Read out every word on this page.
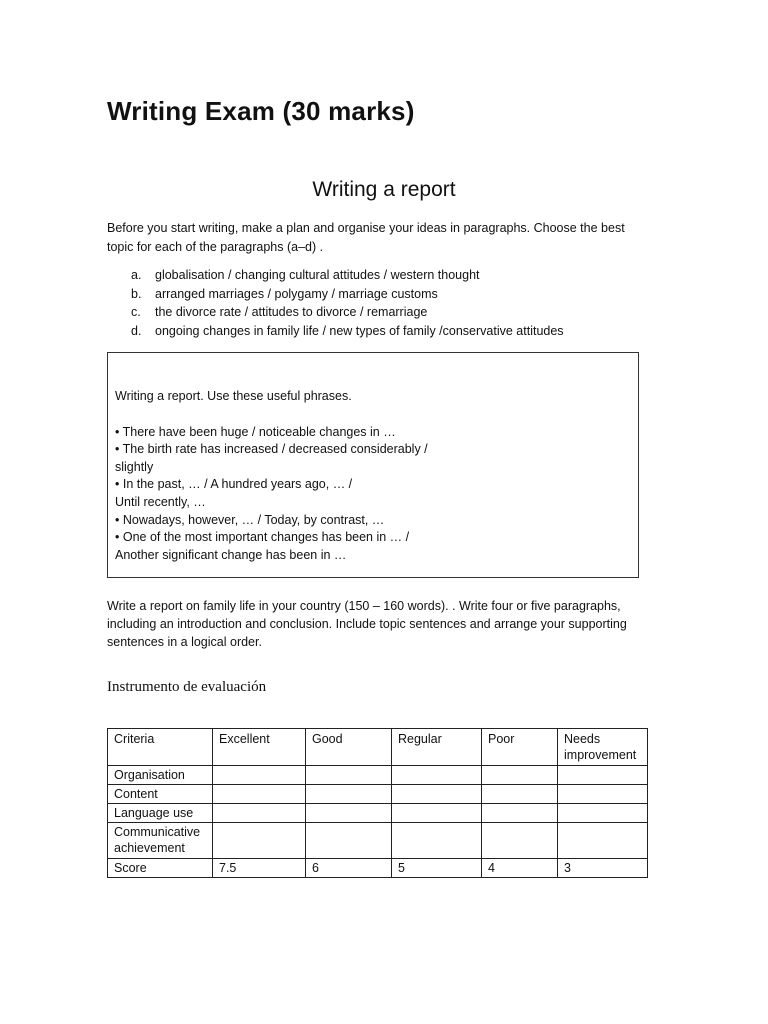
Writing Exam (30 marks)
Writing a report

Before you start writing, make a plan and organise your ideas in paragraphs. Choose the best topic for each of the paragraphs (a–d) .

a. globalisation / changing cultural attitudes / western thought
b. arranged marriages / polygamy / marriage customs
c. the divorce rate / attitudes to divorce / remarriage
d. ongoing changes in family life / new types of family /conservative attitudes

Writing a report. Use these useful phrases.

• There have been huge / noticeable changes in …

• The birth rate has increased / decreased considerably /

slightly

• In the past, … / A hundred years ago, … /

Until recently, …

• Nowadays, however, … / Today, by contrast, …

• One of the most important changes has been in … /

Another significant change has been in …

Write a report on family life in your country (150 – 160 words). . Write four or five paragraphs, including an introduction and conclusion. Include topic sentences and arrange your supporting sentences in a logical order.

Instrumento de evaluación
Criteria	Excellent	Good	Regular	Poor	Needs improvement
Organisation					
Content					
Language use					
Communicative achievement					
Score	7.5	6	5	4	3
